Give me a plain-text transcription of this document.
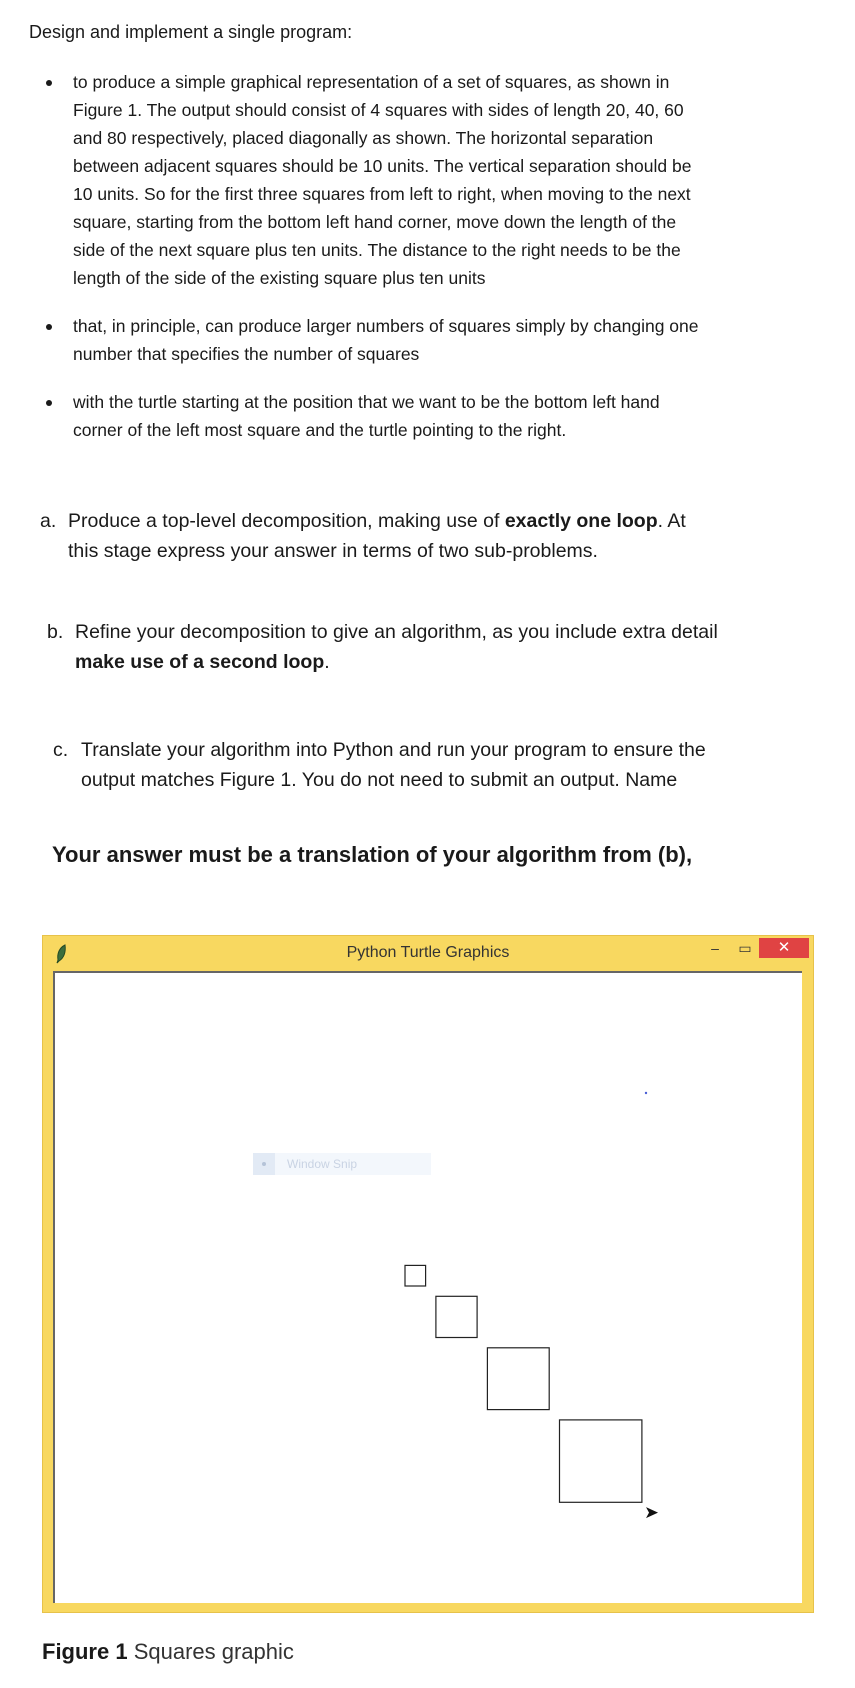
Design and implement a single program:
to produce a simple graphical representation of a set of squares, as shown in Figure 1. The output should consist of 4 squares with sides of length 20, 40, 60 and 80 respectively, placed diagonally as shown. The horizontal separation between adjacent squares should be 10 units. The vertical separation should be 10 units. So for the first three squares from left to right, when moving to the next square, starting from the bottom left hand corner, move down the length of the side of the next square plus ten units. The distance to the right needs to be the length of the side of the existing square plus ten units
that, in principle, can produce larger numbers of squares simply by changing one number that specifies the number of squares
with the turtle starting at the position that we want to be the bottom left hand corner of the left most square and the turtle pointing to the right.
a. Produce a top-level decomposition, making use of exactly one loop. At this stage express your answer in terms of two sub-problems.
b. Refine your decomposition to give an algorithm, as you include extra detail make use of a second loop.
c. Translate your algorithm into Python and run your program to ensure the output matches Figure 1. You do not need to submit an output. Name
Your answer must be a translation of your algorithm from (b),
Python Turtle Graphics	–	▭	✕
Window Snip
Figure 1 Squares graphic
